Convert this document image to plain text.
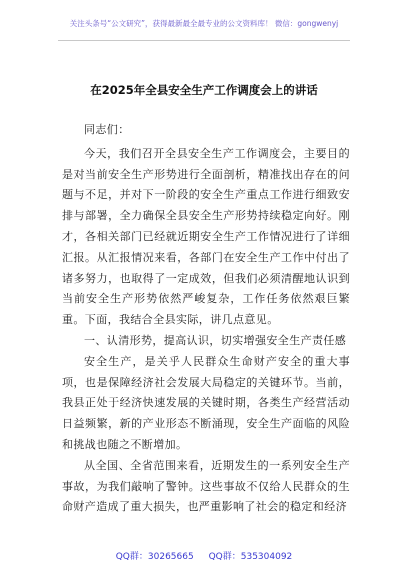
关注头条号“公文研究”，获得最新最全最专业的公文资料库！ 微信：gongwenyj
在2025年全县安全生产工作调度会上的讲话

同志们：

今天，我们召开全县安全生产工作调度会，主要目的是对当前安全生产形势进行全面剖析，精准找出存在的问题与不足，并对下一阶段的安全生产重点工作进行细致安排与部署，全力确保全县安全生产形势持续稳定向好。刚才，各相关部门已经就近期安全生产工作情况进行了详细汇报。从汇报情况来看，各部门在安全生产工作中付出了诸多努力，也取得了一定成效，但我们必须清醒地认识到当前安全生产形势依然严峻复杂，工作任务依然艰巨繁重。下面，我结合全县实际，讲几点意见。

一、认清形势，提高认识，切实增强安全生产责任感

安全生产，是关乎人民群众生命财产安全的重大事项，也是保障经济社会发展大局稳定的关键环节。当前，我县正处于经济快速发展的关键时期，各类生产经营活动日益频繁，新的产业形态不断涌现，安全生产面临的风险和挑战也随之不断增加。

从全国、全省范围来看，近期发生的一系列安全生产事故，为我们敲响了警钟。这些事故不仅给人民群众的生命财产造成了重大损失，也严重影响了社会的稳定和经济

QQ群：30265665 QQ群：535304092
